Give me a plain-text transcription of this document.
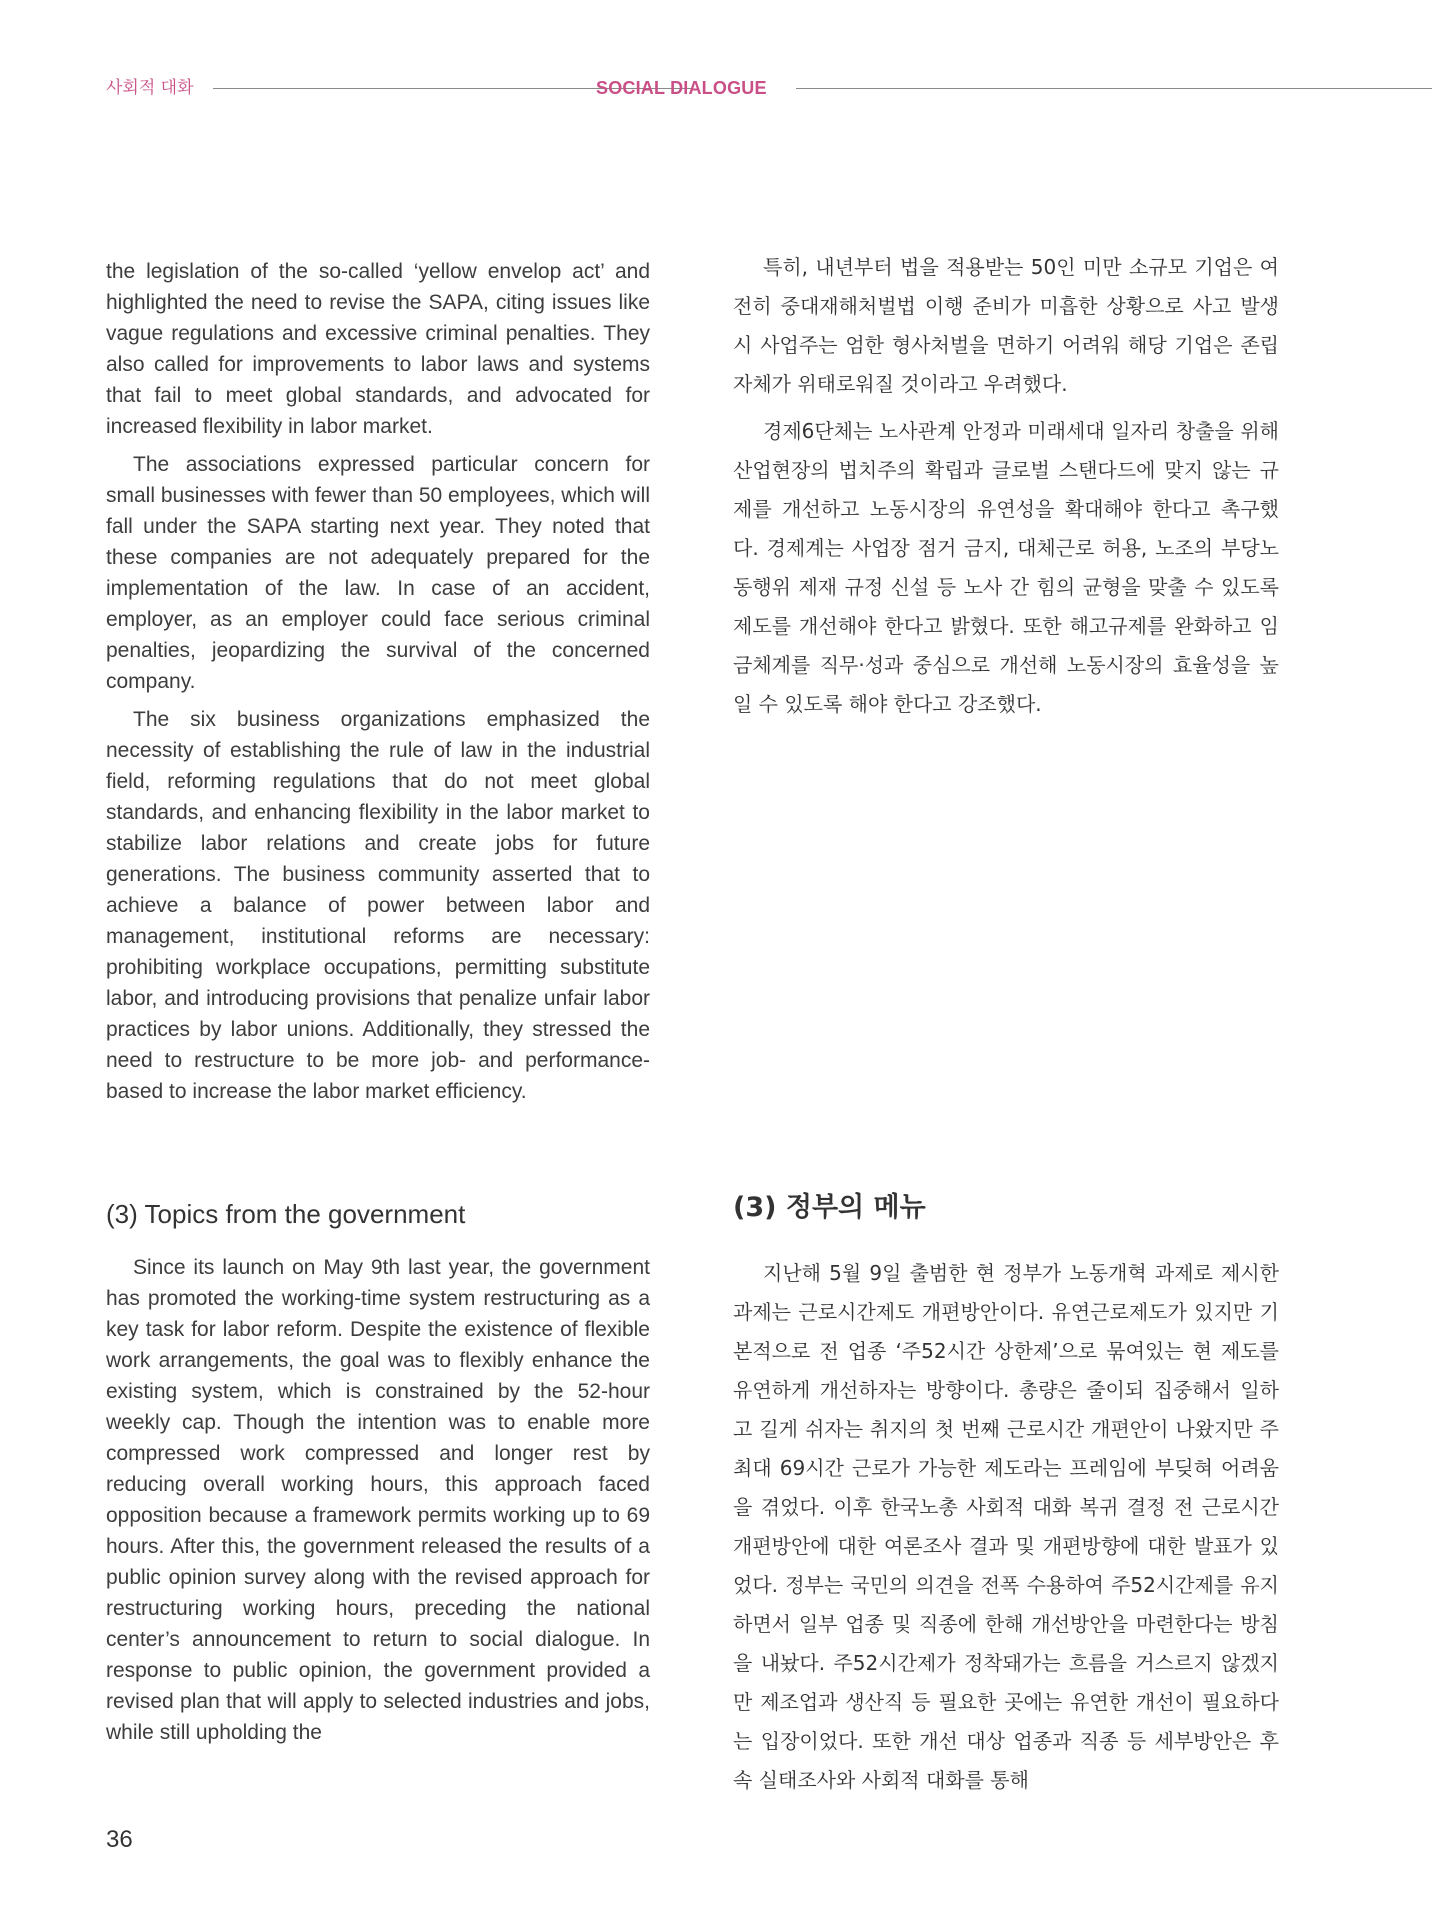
사회적 대화	SOCIAL DIALOGUE

the legislation of the so-called ‘yellow envelop act’ and highlighted the need to revise the SAPA, citing issues like vague regulations and excessive criminal penalties. They also called for improvements to labor laws and systems that fail to meet global standards, and advocated for increased flexibility in labor market.

The associations expressed particular concern for small businesses with fewer than 50 employees, which will fall under the SAPA starting next year. They noted that these companies are not adequately prepared for the implementation of the law. In case of an accident, employer, as an employer could face serious criminal penalties, jeopardizing the survival of the concerned company.

The six business organizations emphasized the necessity of establishing the rule of law in the industrial field, reforming regulations that do not meet global standards, and enhancing flexibility in the labor market to stabilize labor relations and create jobs for future generations. The business community asserted that to achieve a balance of power between labor and management, institutional reforms are necessary: prohibiting workplace occupations, permitting substitute labor, and introducing provisions that penalize unfair labor practices by labor unions. Additionally, they stressed the need to restructure to be more job- and performance-based to increase the labor market efficiency.

특히, 내년부터 법을 적용받는 50인 미만 소규모 기업은 여전히 중대재해처벌법 이행 준비가 미흡한 상황으로 사고 발생 시 사업주는 엄한 형사처벌을 면하기 어려워 해당 기업은 존립 자체가 위태로워질 것이라고 우려했다.

경제6단체는 노사관계 안정과 미래세대 일자리 창출을 위해 산업현장의 법치주의 확립과 글로벌 스탠다드에 맞지 않는 규제를 개선하고 노동시장의 유연성을 확대해야 한다고 촉구했다. 경제계는 사업장 점거 금지, 대체근로 허용, 노조의 부당노동행위 제재 규정 신설 등 노사 간 힘의 균형을 맞출 수 있도록 제도를 개선해야 한다고 밝혔다. 또한 해고규제를 완화하고 임금체계를 직무·성과 중심으로 개선해 노동시장의 효율성을 높일 수 있도록 해야 한다고 강조했다.

(3) Topics from the government	(3) 정부의 메뉴

Since its launch on May 9th last year, the government has promoted the working-time system restructuring as a key task for labor reform. Despite the existence of flexible work arrangements, the goal was to flexibly enhance the existing system, which is constrained by the 52-hour weekly cap. Though the intention was to enable more compressed work compressed and longer rest by reducing overall working hours, this approach faced opposition because a framework permits working up to 69 hours. After this, the government released the results of a public opinion survey along with the revised approach for restructuring working hours, preceding the national center’s announcement to return to social dialogue. In response to public opinion, the government provided a revised plan that will apply to selected industries and jobs, while still upholding the

지난해 5월 9일 출범한 현 정부가 노동개혁 과제로 제시한 과제는 근로시간제도 개편방안이다. 유연근로제도가 있지만 기본적으로 전 업종 ‘주52시간 상한제’으로 묶여있는 현 제도를 유연하게 개선하자는 방향이다. 총량은 줄이되 집중해서 일하고 길게 쉬자는 취지의 첫 번째 근로시간 개편안이 나왔지만 주 최대 69시간 근로가 가능한 제도라는 프레임에 부딪혀 어려움을 겪었다. 이후 한국노총 사회적 대화 복귀 결정 전 근로시간 개편방안에 대한 여론조사 결과 및 개편방향에 대한 발표가 있었다. 정부는 국민의 의견을 전폭 수용하여 주52시간제를 유지하면서 일부 업종 및 직종에 한해 개선방안을 마련한다는 방침을 내놨다. 주52시간제가 정착돼가는 흐름을 거스르지 않겠지만 제조업과 생산직 등 필요한 곳에는 유연한 개선이 필요하다는 입장이었다. 또한 개선 대상 업종과 직종 등 세부방안은 후속 실태조사와 사회적 대화를 통해

36
